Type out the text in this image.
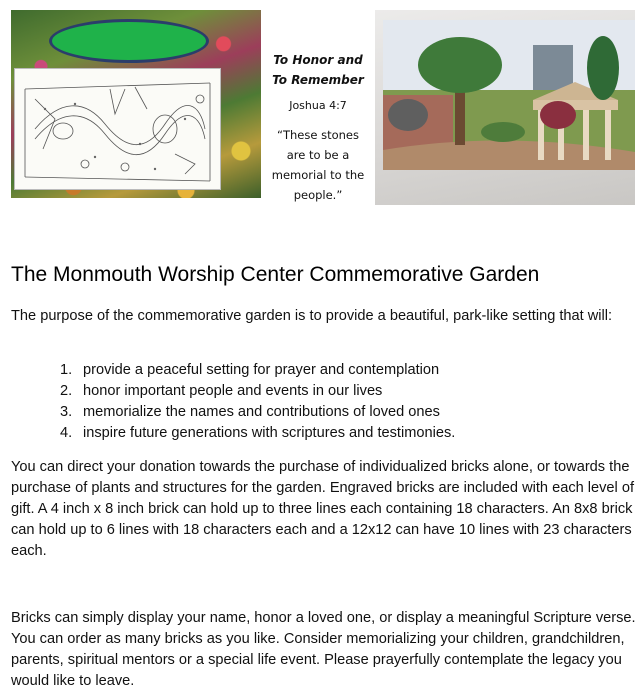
To Honor and
To Remember
Joshua 4:7
“These stones
are to be a
memorial to the
people.”
The Monmouth Worship Center Commemorative Garden

The purpose of the commemorative garden is to provide a beautiful, park-like setting that will:

1. provide a peaceful setting for prayer and contemplation
2. honor important people and events in our lives
3. memorialize the names and contributions of loved ones
4. inspire future generations with scriptures and testimonies.

You can direct your donation towards the purchase of individualized bricks alone, or towards the purchase of plants and structures for the garden. Engraved bricks are included with each level of gift. A 4 inch x 8 inch brick can hold up to three lines each containing 18 characters. An 8x8 brick can hold up to 6 lines with 18 characters each and a 12x12 can have 10 lines with 23 characters each.

Bricks can simply display your name, honor a loved one, or display a meaningful Scripture verse. You can order as many bricks as you like. Consider memorializing your children, grandchildren, parents, spiritual mentors or a special life event. Please prayerfully contemplate the legacy you would like to leave.
